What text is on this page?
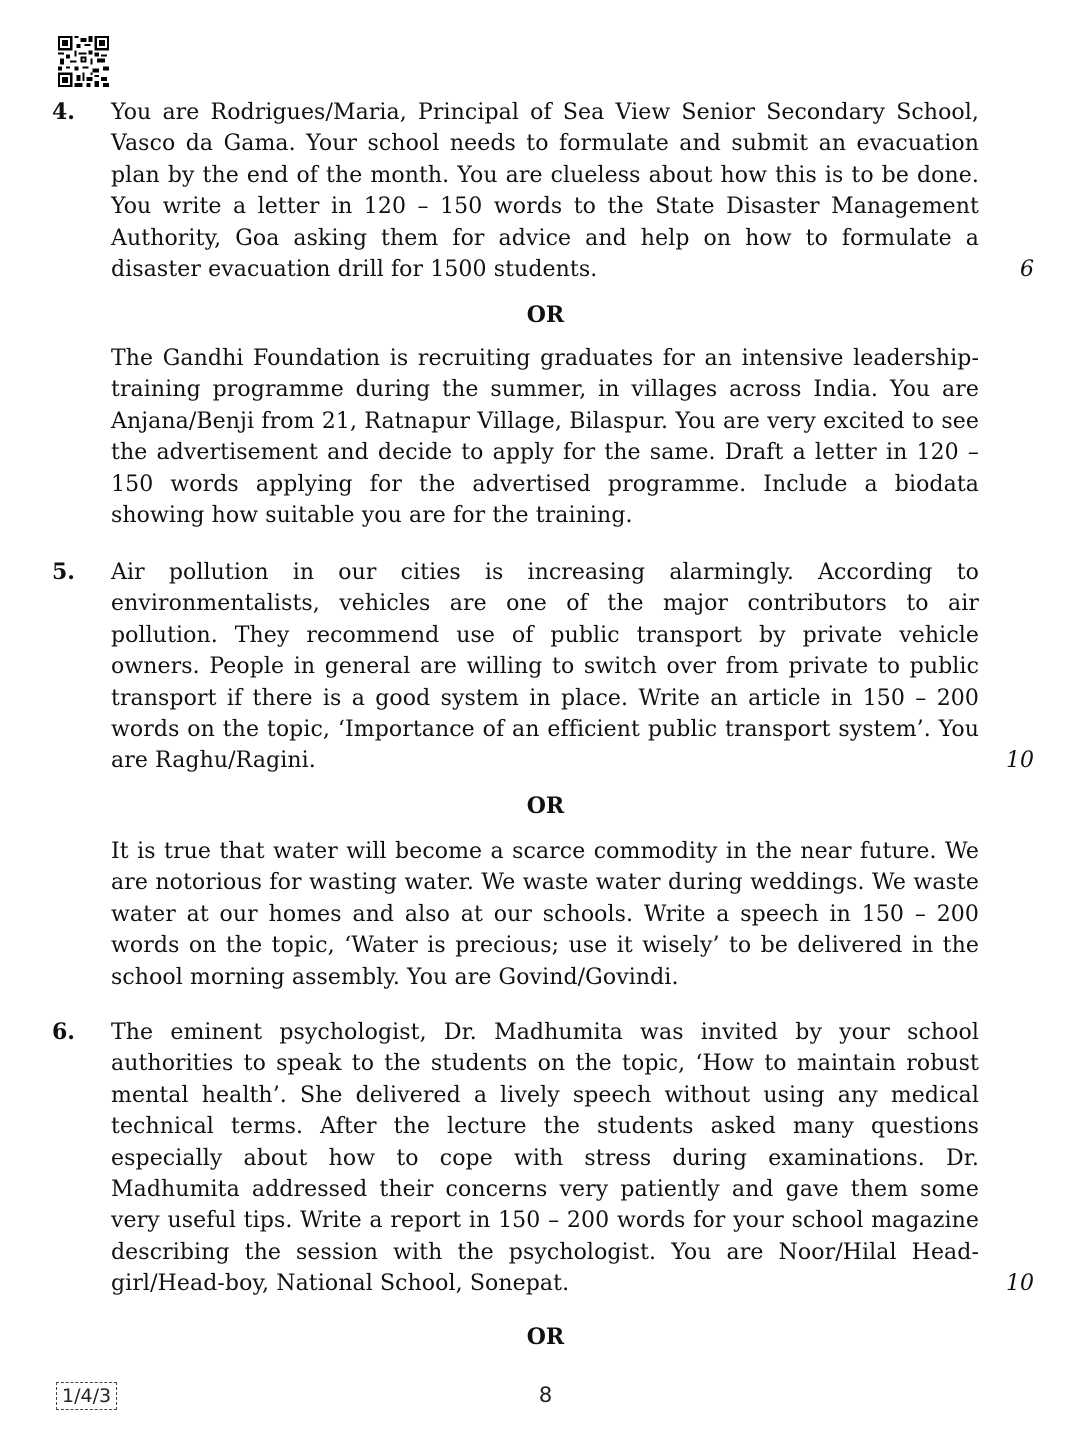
4. You are Rodrigues/Maria, Principal of Sea View Senior Secondary School, Vasco da Gama. Your school needs to formulate and submit an evacuation plan by the end of the month. You are clueless about how this is to be done. You write a letter in 120 – 150 words to the State Disaster Management Authority, Goa asking them for advice and help on how to formulate a disaster evacuation drill for 1500 students.	6
OR

The Gandhi Foundation is recruiting graduates for an intensive leadership-training programme during the summer, in villages across India. You are Anjana/Benji from 21, Ratnapur Village, Bilaspur. You are very excited to see the advertisement and decide to apply for the same. Draft a letter in 120 – 150 words applying for the advertised programme. Include a biodata showing how suitable you are for the training.

5. Air pollution in our cities is increasing alarmingly. According to environmentalists, vehicles are one of the major contributors to air pollution. They recommend use of public transport by private vehicle owners. People in general are willing to switch over from private to public transport if there is a good system in place. Write an article in 150 – 200 words on the topic, ‘Importance of an efficient public transport system’. You are Raghu/Ragini.	10
OR

It is true that water will become a scarce commodity in the near future. We are notorious for wasting water. We waste water during weddings. We waste water at our homes and also at our schools. Write a speech in 150 – 200 words on the topic, ‘Water is precious; use it wisely’ to be delivered in the school morning assembly. You are Govind/Govindi.

6. The eminent psychologist, Dr. Madhumita was invited by your school authorities to speak to the students on the topic, ‘How to maintain robust mental health’. She delivered a lively speech without using any medical technical terms. After the lecture the students asked many questions especially about how to cope with stress during examinations. Dr. Madhumita addressed their concerns very patiently and gave them some very useful tips. Write a report in 150 – 200 words for your school magazine describing the session with the psychologist. You are Noor/Hilal Head-girl/Head-boy, National School, Sonepat.	10
OR
1/4/3	8
